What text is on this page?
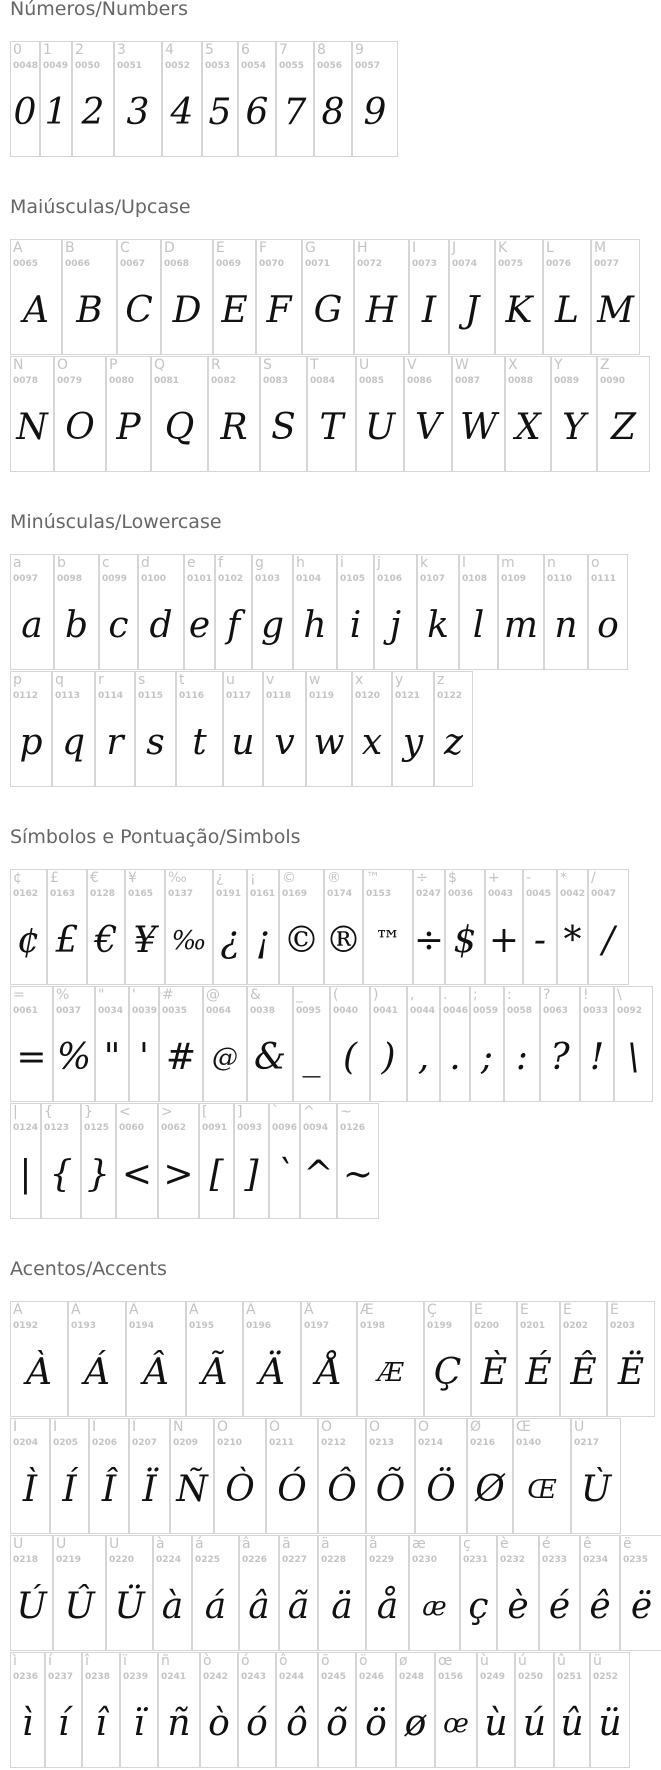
Números/Numbers
Maiúsculas/Upcase
Minúsculas/Lowercase
Símbolos e Pontuação/Simbols
Acentos/Accents
0
0048
0
1
0049
1
2
0050
2
3
0051
3
4
0052
4
5
0053
5
6
0054
6
7
0055
7
8
0056
8
9
0057
9
A
0065
A
B
0066
B
C
0067
C
D
0068
D
E
0069
E
F
0070
F
G
0071
G
H
0072
H
I
0073
I
J
0074
J
K
0075
K
L
0076
L
M
0077
M
N
0078
N
O
0079
O
P
0080
P
Q
0081
Q
R
0082
R
S
0083
S
T
0084
T
U
0085
U
V
0086
V
W
0087
W
X
0088
X
Y
0089
Y
Z
0090
Z
a
0097
a
b
0098
b
c
0099
c
d
0100
d
e
0101
e
f
0102
f
g
0103
g
h
0104
h
i
0105
i
j
0106
j
k
0107
k
l
0108
l
m
0109
m
n
0110
n
o
0111
o
p
0112
p
q
0113
q
r
0114
r
s
0115
s
t
0116
t
u
0117
u
v
0118
v
w
0119
w
x
0120
x
y
0121
y
z
0122
z
¢
0162
¢
£
0163
£
€
0128
€
¥
0165
¥
‰
0137
‰
¿
0191
¿
¡
0161
¡
©
0169
©
®
0174
®
™
0153
™
÷
0247
÷
$
0036
$
+
0043
+
-
0045
-
*
0042
*
/
0047
/
=
0061
=
%
0037
%
"
0034
"
'
0039
'
#
0035
#
@
0064
@
&
0038
&
_
0095
_
(
0040
(
)
0041
)
,
0044
,
.
0046
.
;
0059
;
:
0058
:
?
0063
?
!
0033
!
\
0092
\
|
0124
|
{
0123
{
}
0125
}
<
0060
<
>
0062
>
[
0091
[
]
0093
]
`
0096
`
^
0094
^
~
0126
~
À
0192
À
Á
0193
Á
Â
0194
Â
Ã
0195
Ã
Ä
0196
Ä
Å
0197
Å
Æ
0198
Æ
Ç
0199
Ç
È
0200
È
É
0201
É
Ê
0202
Ê
Ë
0203
Ë
Ì
0204
Ì
Í
0205
Í
Î
0206
Î
Ï
0207
Ï
Ñ
0209
Ñ
Ò
0210
Ò
Ó
0211
Ó
Ô
0212
Ô
Õ
0213
Õ
Ö
0214
Ö
Ø
0216
Ø
Œ
0140
Œ
Ù
0217
Ù
Ú
0218
Ú
Û
0219
Û
Ü
0220
Ü
à
0224
à
á
0225
á
â
0226
â
ã
0227
ã
ä
0228
ä
å
0229
å
æ
0230
æ
ç
0231
ç
è
0232
è
é
0233
é
ê
0234
ê
ë
0235
ë
ì
0236
ì
í
0237
í
î
0238
î
ï
0239
ï
ñ
0241
ñ
ò
0242
ò
ó
0243
ó
ô
0244
ô
õ
0245
õ
ö
0246
ö
ø
0248
ø
œ
0156
œ
ù
0249
ù
ú
0250
ú
û
0251
û
ü
0252
ü
